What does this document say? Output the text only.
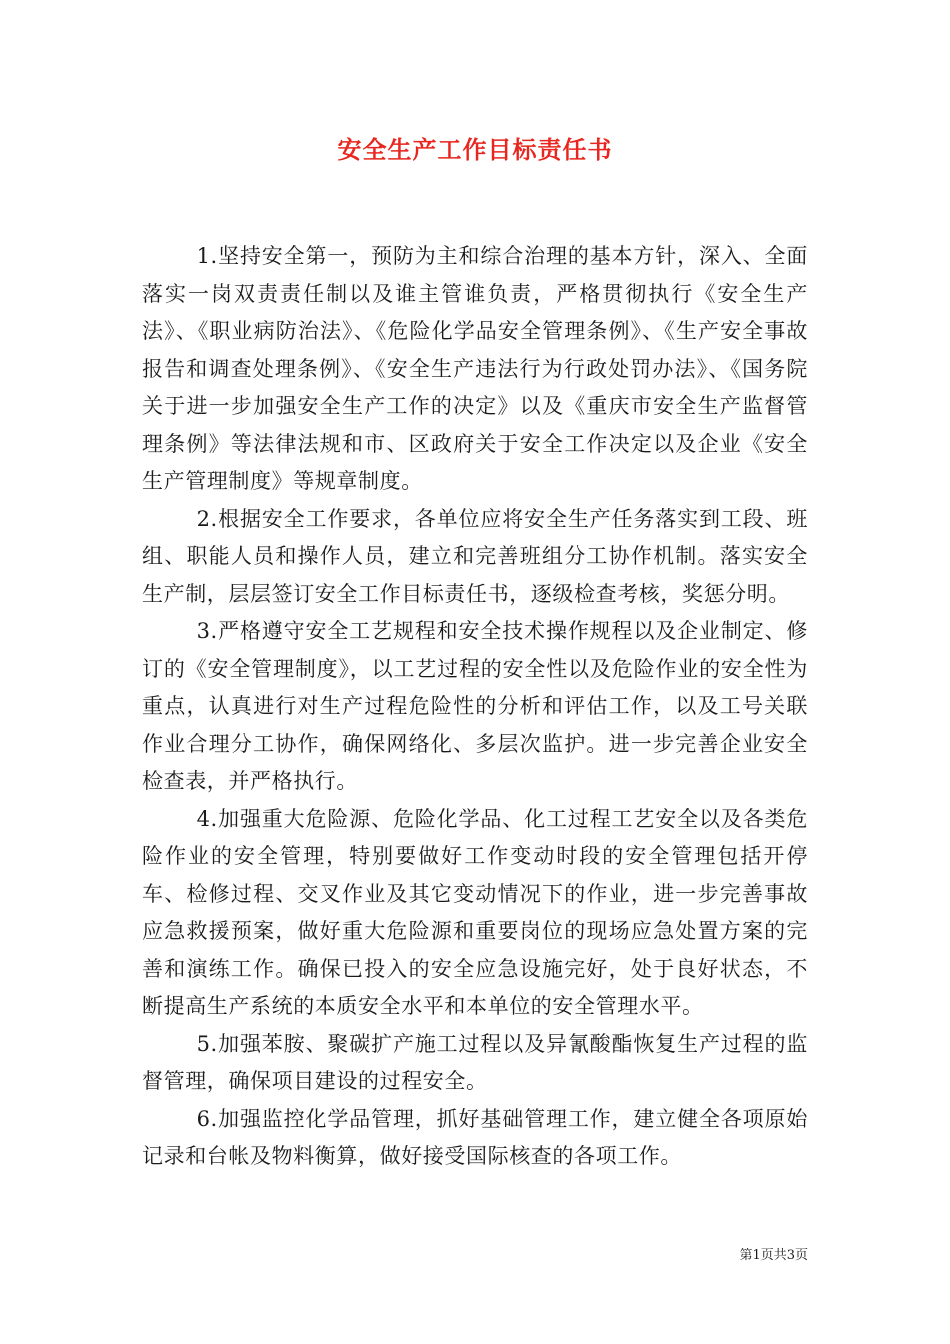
安全生产工作目标责任书

1.坚持安全第一，预防为主和综合治理的基本方针，深入、全面落实一岗双责责任制以及谁主管谁负责，严格贯彻执行《安全生产法》、《职业病防治法》、《危险化学品安全管理条例》、《生产安全事故报告和调查处理条例》、《安全生产违法行为行政处罚办法》、《国务院关于进一步加强安全生产工作的决定》以及《重庆市安全生产监督管理条例》等法律法规和市、区政府关于安全工作决定以及企业《安全生产管理制度》等规章制度。

2.根据安全工作要求，各单位应将安全生产任务落实到工段、班组、职能人员和操作人员，建立和完善班组分工协作机制。落实安全生产制，层层签订安全工作目标责任书，逐级检查考核，奖惩分明。

3.严格遵守安全工艺规程和安全技术操作规程以及企业制定、修订的《安全管理制度》，以工艺过程的安全性以及危险作业的安全性为重点，认真进行对生产过程危险性的分析和评估工作，以及工号关联作业合理分工协作，确保网络化、多层次监护。进一步完善企业安全检查表，并严格执行。

4.加强重大危险源、危险化学品、化工过程工艺安全以及各类危险作业的安全管理，特别要做好工作变动时段的安全管理包括开停车、检修过程、交叉作业及其它变动情况下的作业，进一步完善事故应急救援预案，做好重大危险源和重要岗位的现场应急处置方案的完善和演练工作。确保已投入的安全应急设施完好，处于良好状态，不断提高生产系统的本质安全水平和本单位的安全管理水平。

5.加强苯胺、聚碳扩产施工过程以及异氰酸酯恢复生产过程的监督管理，确保项目建设的过程安全。

6.加强监控化学品管理，抓好基础管理工作，建立健全各项原始记录和台帐及物料衡算，做好接受国际核查的各项工作。

第1页共3页
